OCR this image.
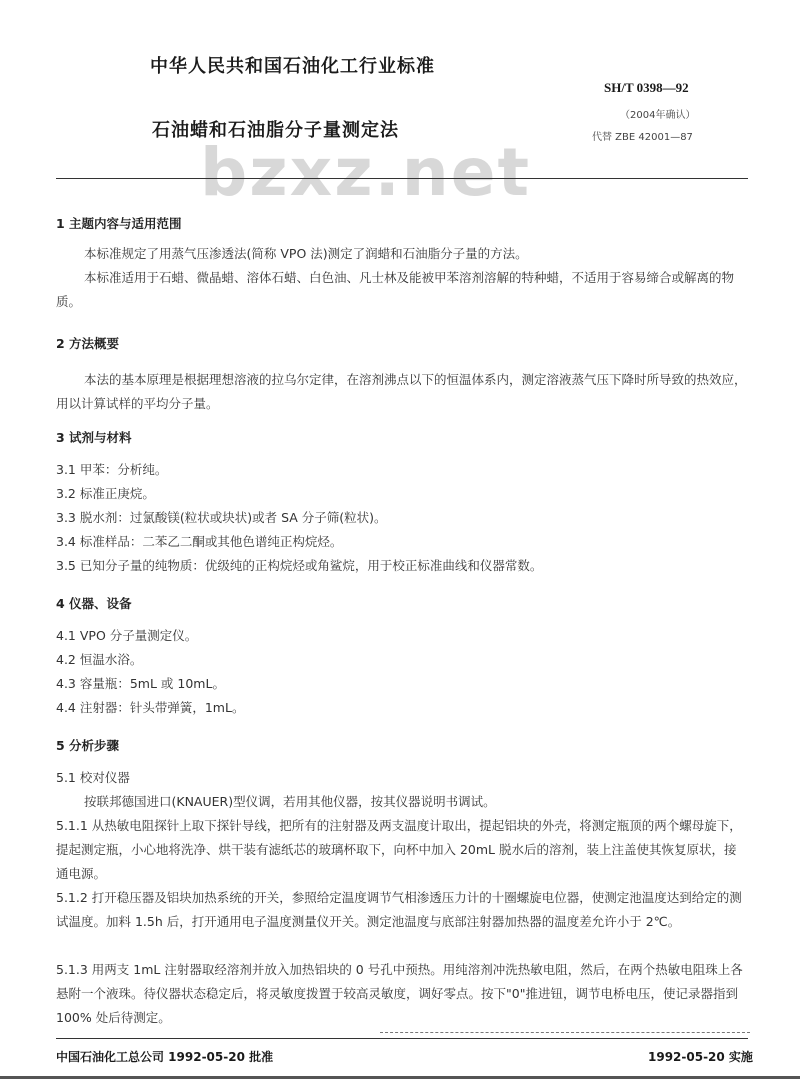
中华人民共和国石油化工行业标准
SH/T 0398—92
（2004年确认）
代替 ZBE 42001—87
石油蜡和石油脂分子量测定法
bzxz.net

1 主题内容与适用范围

本标准规定了用蒸气压渗透法(简称 VPO 法)测定了润蜡和石油脂分子量的方法。

本标准适用于石蜡、微晶蜡、溶体石蜡、白色油、凡士林及能被甲苯溶剂溶解的特种蜡，不适用于容易缔合或解离的物质。

2 方法概要

本法的基本原理是根据理想溶液的拉乌尔定律，在溶剂沸点以下的恒温体系内，测定溶液蒸气压下降时所导致的热效应，用以计算试样的平均分子量。

3 试剂与材料

3.1 甲苯：分析纯。

3.2 标准正庚烷。

3.3 脱水剂：过氯酸镁(粒状或块状)或者 SA 分子筛(粒状)。

3.4 标准样品：二苯乙二酮或其他色谱纯正构烷烃。

3.5 已知分子量的纯物质：优级纯的正构烷烃或角鲨烷，用于校正标准曲线和仪器常数。

4 仪器、设备

4.1 VPO 分子量测定仪。

4.2 恒温水浴。

4.3 容量瓶：5mL 或 10mL。

4.4 注射器：针头带弹簧，1mL。

5 分析步骤

5.1 校对仪器

按联邦德国进口(KNAUER)型仪调，若用其他仪器，按其仪器说明书调试。

5.1.1 从热敏电阻探针上取下探针导线，把所有的注射器及两支温度计取出，提起铝块的外壳，将测定瓶顶的两个螺母旋下，提起测定瓶，小心地将洗净、烘干装有滤纸芯的玻璃杯取下，向杯中加入 20mL 脱水后的溶剂，装上注盖使其恢复原状，接通电源。

5.1.2 打开稳压器及铝块加热系统的开关，参照给定温度调节气相渗透压力计的十圈螺旋电位器，使测定池温度达到给定的测试温度。加料 1.5h 后，打开通用电子温度测量仪开关。测定池温度与底部注射器加热器的温度差允许小于 2℃。

5.1.3 用两支 1mL 注射器取经溶剂并放入加热铝块的 0 号孔中预热。用纯溶剂冲洗热敏电阻，然后，在两个热敏电阻珠上各悬附一个液珠。待仪器状态稳定后，将灵敏度拨置于较高灵敏度，调好零点。按下"0"推进钮，调节电桥电压，使记录器指到 100% 处后待测定。

中国石油化工总公司 1992-05-20 批准	1992-05-20 实施
